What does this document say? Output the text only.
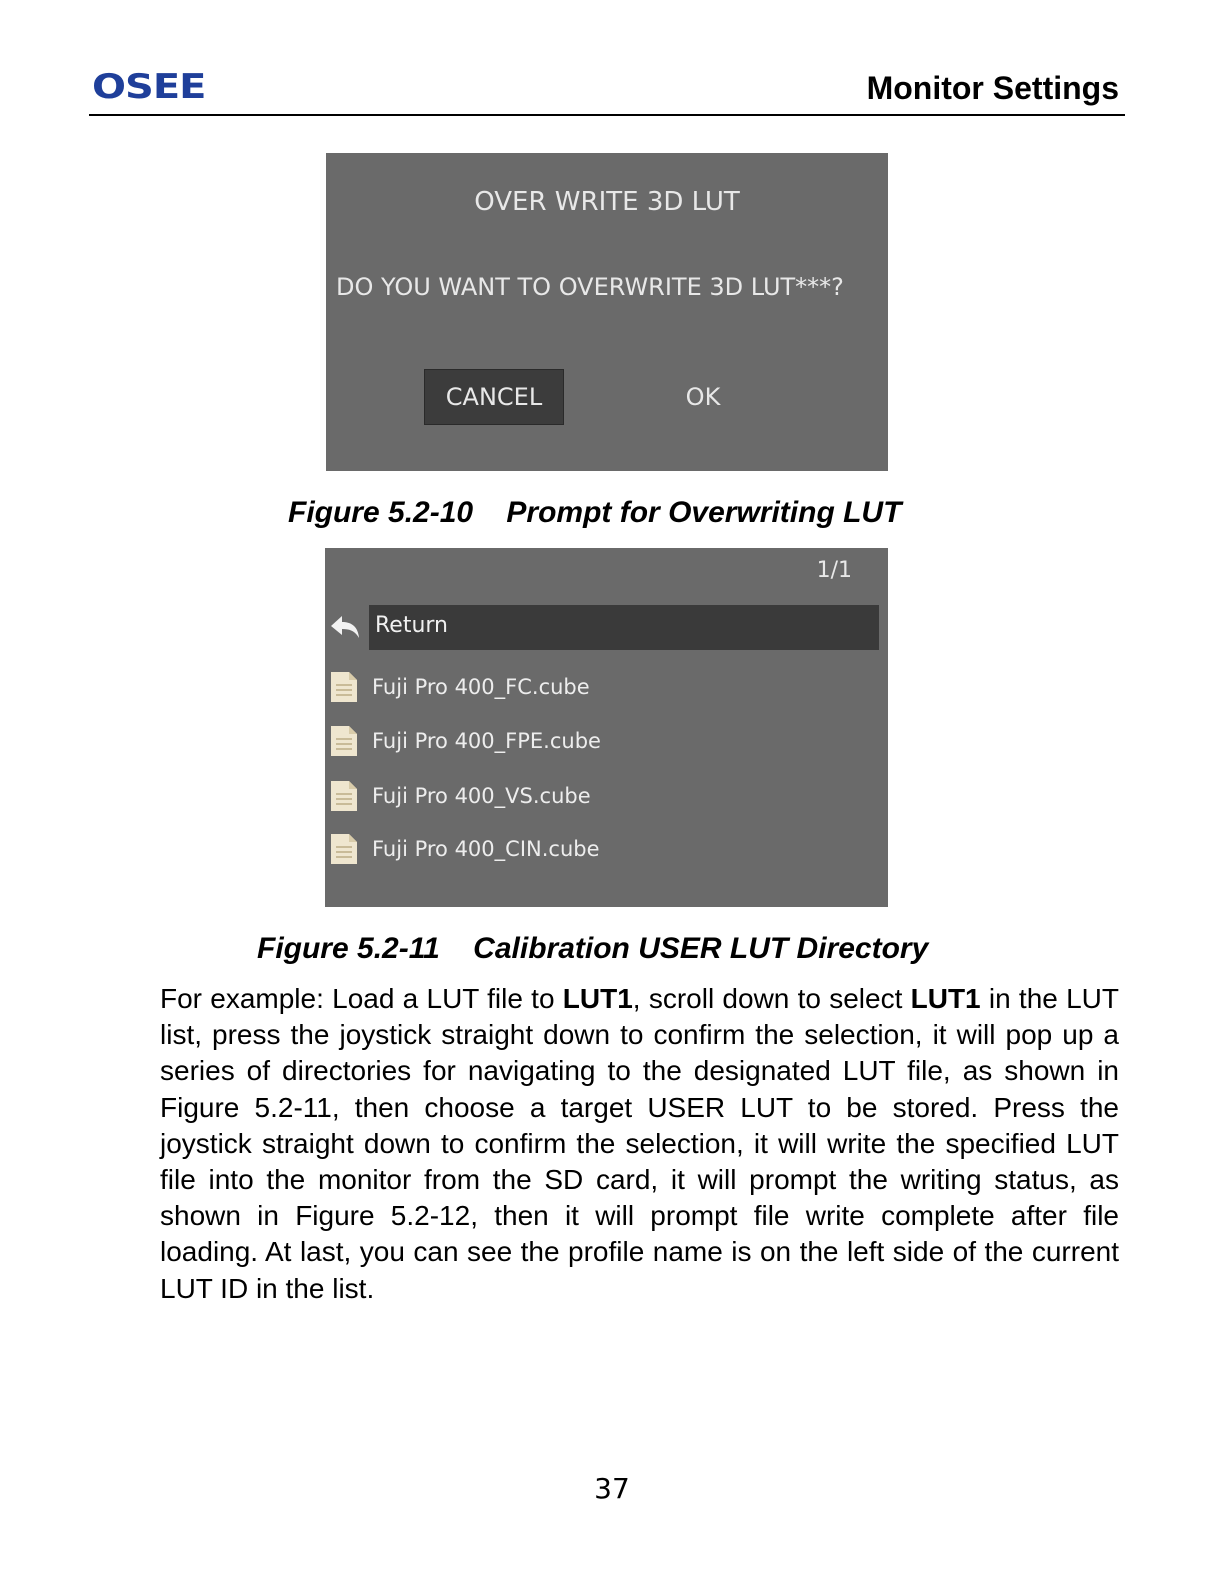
OSEE	Monitor Settings
OVER WRITE 3D LUT
DO YOU WANT TO OVERWRITE 3D LUT***?
CANCEL	OK
Figure 5.2-10    Prompt for Overwriting LUT
1/1
Return
Fuji Pro 400_FC.cube
Fuji Pro 400_FPE.cube
Fuji Pro 400_VS.cube
Fuji Pro 400_CIN.cube
Figure 5.2-11    Calibration USER LUT Directory
For example: Load a LUT file to LUT1, scroll down to select LUT1 in the LUT list, press the joystick straight down to confirm the selection, it will pop up a series of directories for navigating to the designated LUT file, as shown in Figure 5.2-11, then choose a target USER LUT to be stored. Press the joystick straight down to confirm the selection, it will write the specified LUT file into the monitor from the SD card, it will prompt the writing status, as shown in Figure 5.2-12, then it will prompt file write complete after file loading. At last, you can see the profile name is on the left side of the current LUT ID in the list.
37
